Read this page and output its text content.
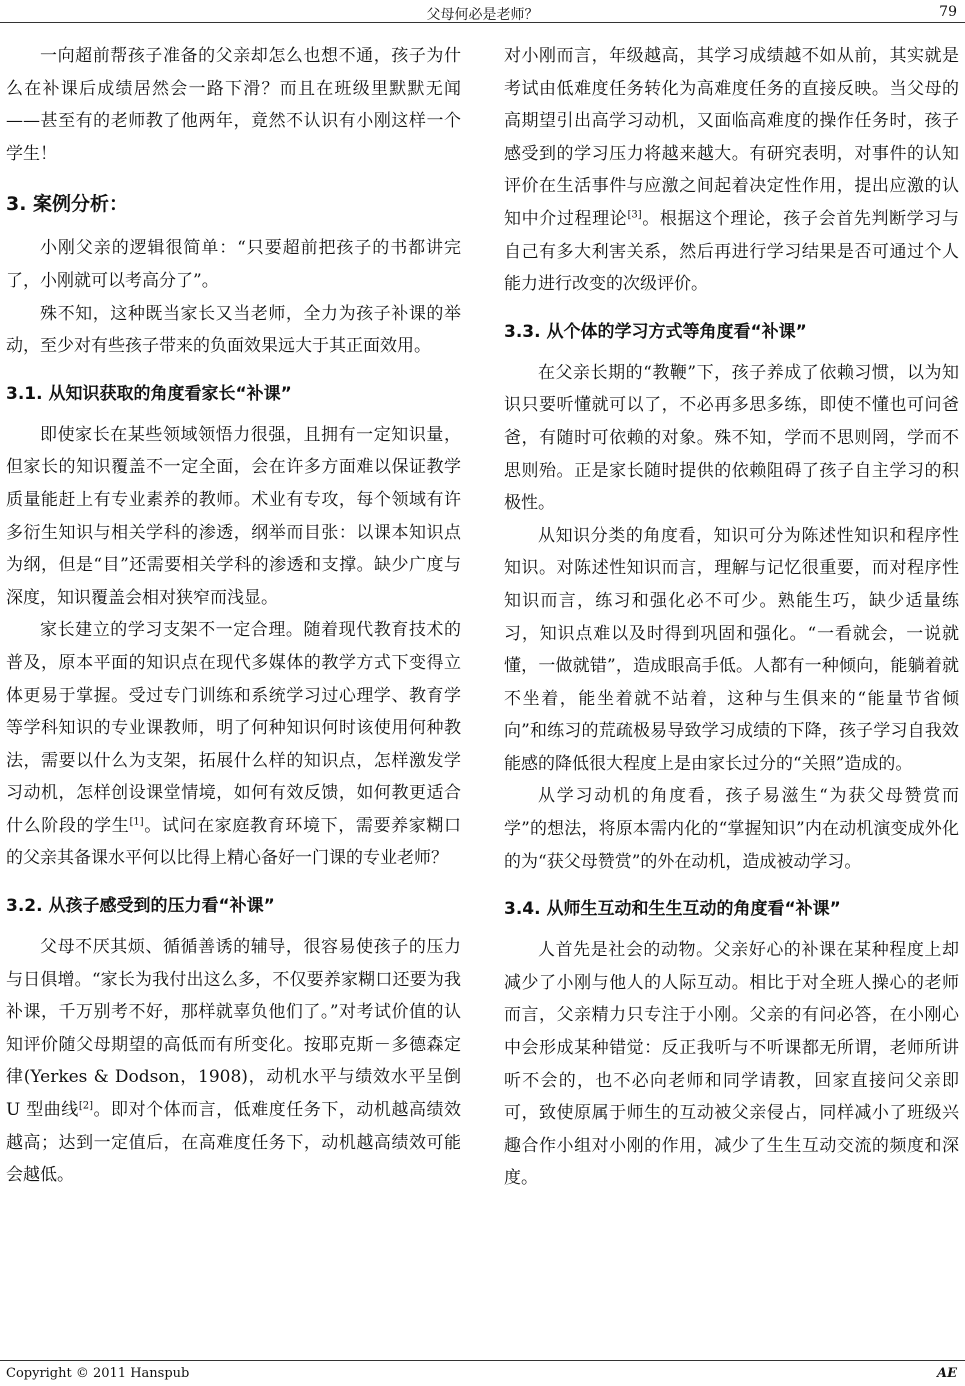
父母何必是老师？	79

一向超前帮孩子准备的父亲却怎么也想不通，孩子为什么在补课后成绩居然会一路下滑？而且在班级里默默无闻——甚至有的老师教了他两年，竟然不认识有小刚这样一个学生！

3. 案例分析：

小刚父亲的逻辑很简单：“只要超前把孩子的书都讲完了，小刚就可以考高分了”。

殊不知，这种既当家长又当老师，全力为孩子补课的举动，至少对有些孩子带来的负面效果远大于其正面效用。

3.1. 从知识获取的角度看家长“补课”

即使家长在某些领域领悟力很强，且拥有一定知识量，但家长的知识覆盖不一定全面，会在许多方面难以保证教学质量能赶上有专业素养的教师。术业有专攻，每个领域有许多衍生知识与相关学科的渗透，纲举而目张：以课本知识点为纲，但是“目”还需要相关学科的渗透和支撑。缺少广度与深度，知识覆盖会相对狭窄而浅显。

家长建立的学习支架不一定合理。随着现代教育技术的普及，原本平面的知识点在现代多媒体的教学方式下变得立体更易于掌握。受过专门训练和系统学习过心理学、教育学等学科知识的专业课教师，明了何种知识何时该使用何种教法，需要以什么为支架，拓展什么样的知识点，怎样激发学习动机，怎样创设课堂情境，如何有效反馈，如何教更适合什么阶段的学生[1]。试问在家庭教育环境下，需要养家糊口的父亲其备课水平何以比得上精心备好一门课的专业老师？

3.2. 从孩子感受到的压力看“补课”

父母不厌其烦、循循善诱的辅导，很容易使孩子的压力与日俱增。“家长为我付出这么多，不仅要养家糊口还要为我补课，千万别考不好，那样就辜负他们了。”对考试价值的认知评价随父母期望的高低而有所变化。按耶克斯－多德森定律(Yerkes & Dodson，1908)，动机水平与绩效水平呈倒 U 型曲线[2]。即对个体而言，低难度任务下，动机越高绩效越高；达到一定值后，在高难度任务下，动机越高绩效可能会越低。

对小刚而言，年级越高，其学习成绩越不如从前，其实就是考试由低难度任务转化为高难度任务的直接反映。当父母的高期望引出高学习动机，又面临高难度的操作任务时，孩子感受到的学习压力将越来越大。有研究表明，对事件的认知评价在生活事件与应激之间起着决定性作用，提出应激的认知中介过程理论[3]。根据这个理论，孩子会首先判断学习与自己有多大利害关系，然后再进行学习结果是否可通过个人能力进行改变的次级评价。

3.3. 从个体的学习方式等角度看“补课”

在父亲长期的“教鞭”下，孩子养成了依赖习惯，以为知识只要听懂就可以了，不必再多思多练，即使不懂也可问爸爸，有随时可依赖的对象。殊不知，学而不思则罔，学而不思则殆。正是家长随时提供的依赖阻碍了孩子自主学习的积极性。

从知识分类的角度看，知识可分为陈述性知识和程序性知识。对陈述性知识而言，理解与记忆很重要，而对程序性知识而言，练习和强化必不可少。熟能生巧，缺少适量练习，知识点难以及时得到巩固和强化。“一看就会，一说就懂，一做就错”，造成眼高手低。人都有一种倾向，能躺着就不坐着，能坐着就不站着，这种与生俱来的“能量节省倾向”和练习的荒疏极易导致学习成绩的下降，孩子学习自我效能感的降低很大程度上是由家长过分的“关照”造成的。

从学习动机的角度看，孩子易滋生“为获父母赞赏而学”的想法，将原本需内化的“掌握知识”内在动机演变成外化的为“获父母赞赏”的外在动机，造成被动学习。

3.4. 从师生互动和生生互动的角度看“补课”

人首先是社会的动物。父亲好心的补课在某种程度上却减少了小刚与他人的人际互动。相比于对全班人操心的老师而言，父亲精力只专注于小刚。父亲的有问必答，在小刚心中会形成某种错觉：反正我听与不听课都无所谓，老师所讲听不会的，也不必向老师和同学请教，回家直接问父亲即可，致使原属于师生的互动被父亲侵占，同样减小了班级兴趣合作小组对小刚的作用，减少了生生互动交流的频度和深度。

Copyright © 2011 Hanspub	AE
